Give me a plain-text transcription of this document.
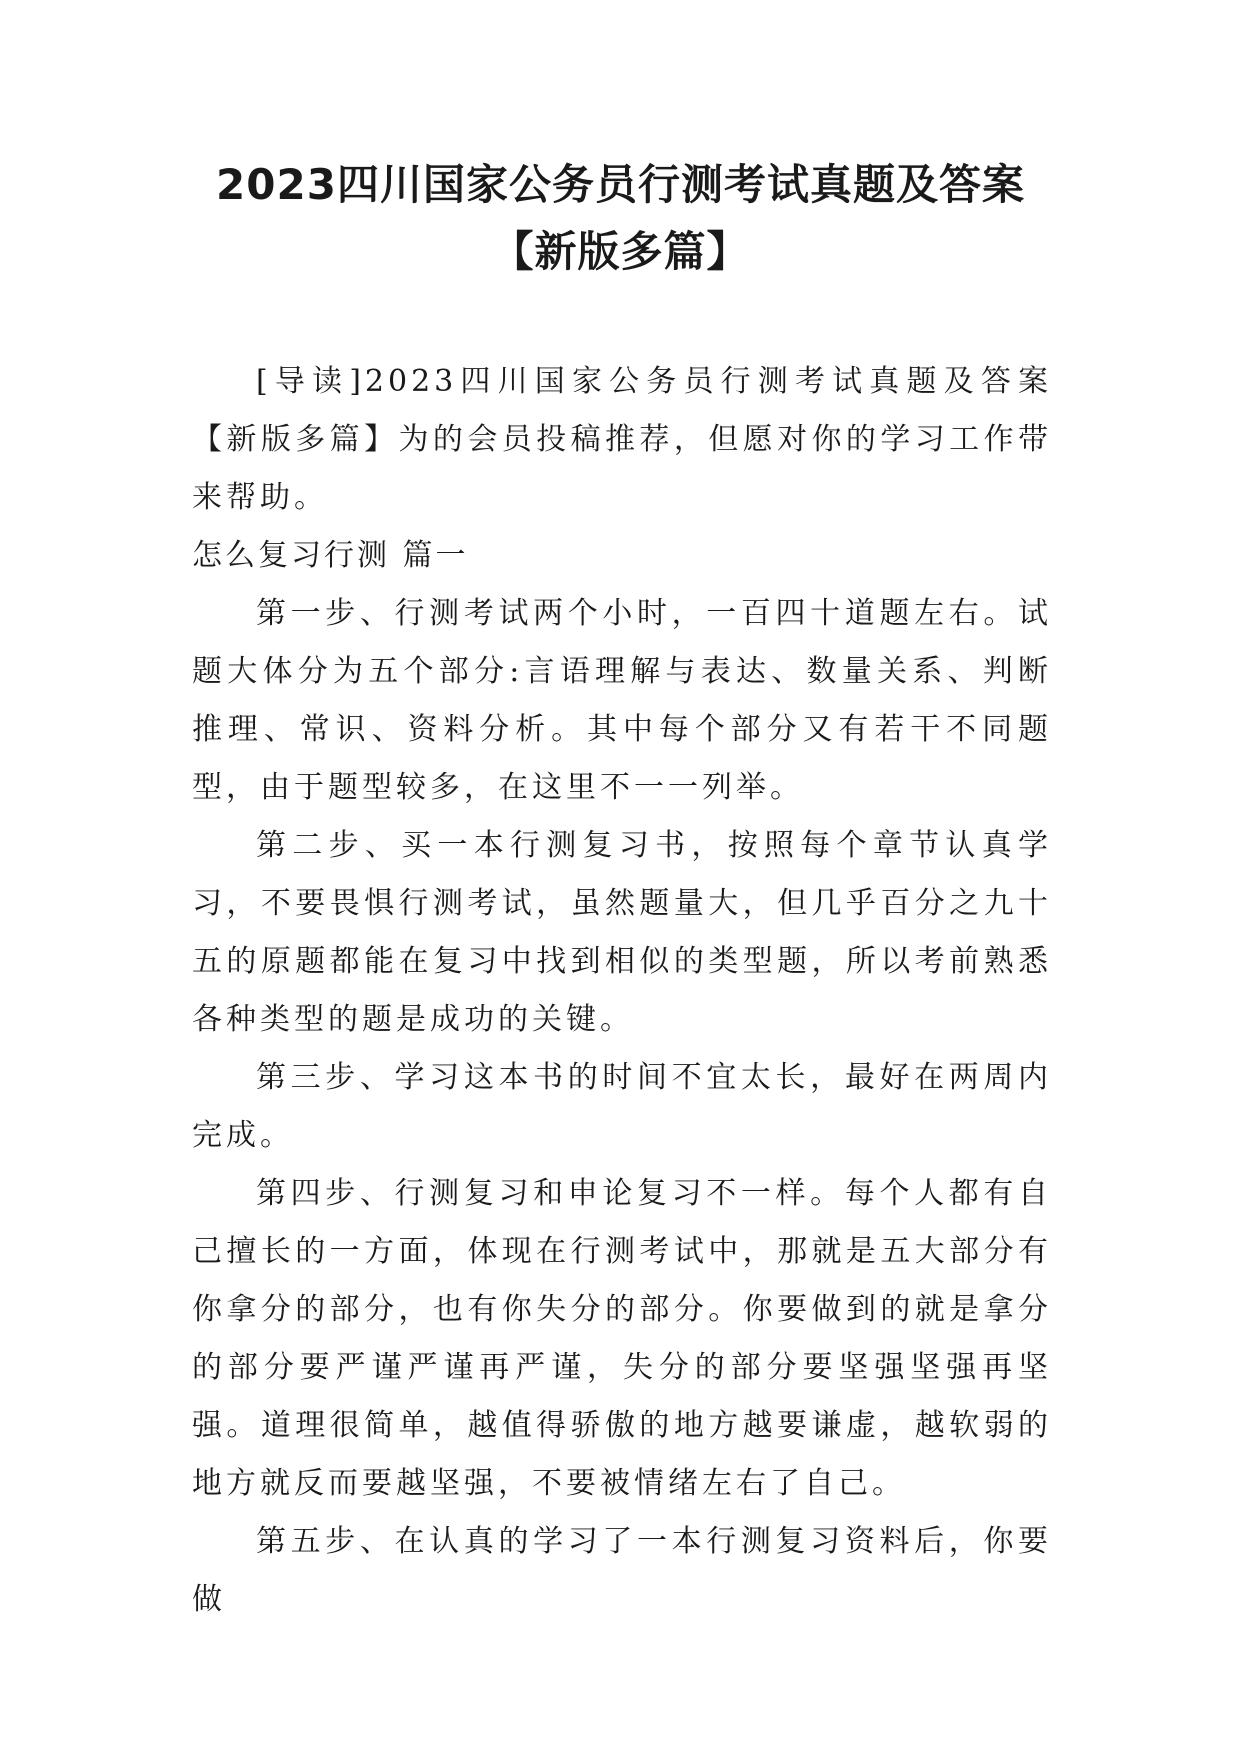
2023四川国家公务员行测考试真题及答案
【新版多篇】

[导读]2023四川国家公务员行测考试真题及答案【新版多篇】为的会员投稿推荐，但愿对你的学习工作带来帮助。

怎么复习行测 篇一

第一步、行测考试两个小时，一百四十道题左右。试题大体分为五个部分:言语理解与表达、数量关系、判断推理、常识、资料分析。其中每个部分又有若干不同题型，由于题型较多，在这里不一一列举。

第二步、买一本行测复习书，按照每个章节认真学习，不要畏惧行测考试，虽然题量大，但几乎百分之九十五的原题都能在复习中找到相似的类型题，所以考前熟悉各种类型的题是成功的关键。

第三步、学习这本书的时间不宜太长，最好在两周内完成。

第四步、行测复习和申论复习不一样。每个人都有自己擅长的一方面，体现在行测考试中，那就是五大部分有你拿分的部分，也有你失分的部分。你要做到的就是拿分的部分要严谨严谨再严谨，失分的部分要坚强坚强再坚强。道理很简单，越值得骄傲的地方越要谦虚，越软弱的地方就反而要越坚强，不要被情绪左右了自己。

第五步、在认真的学习了一本行测复习资料后，你要做
